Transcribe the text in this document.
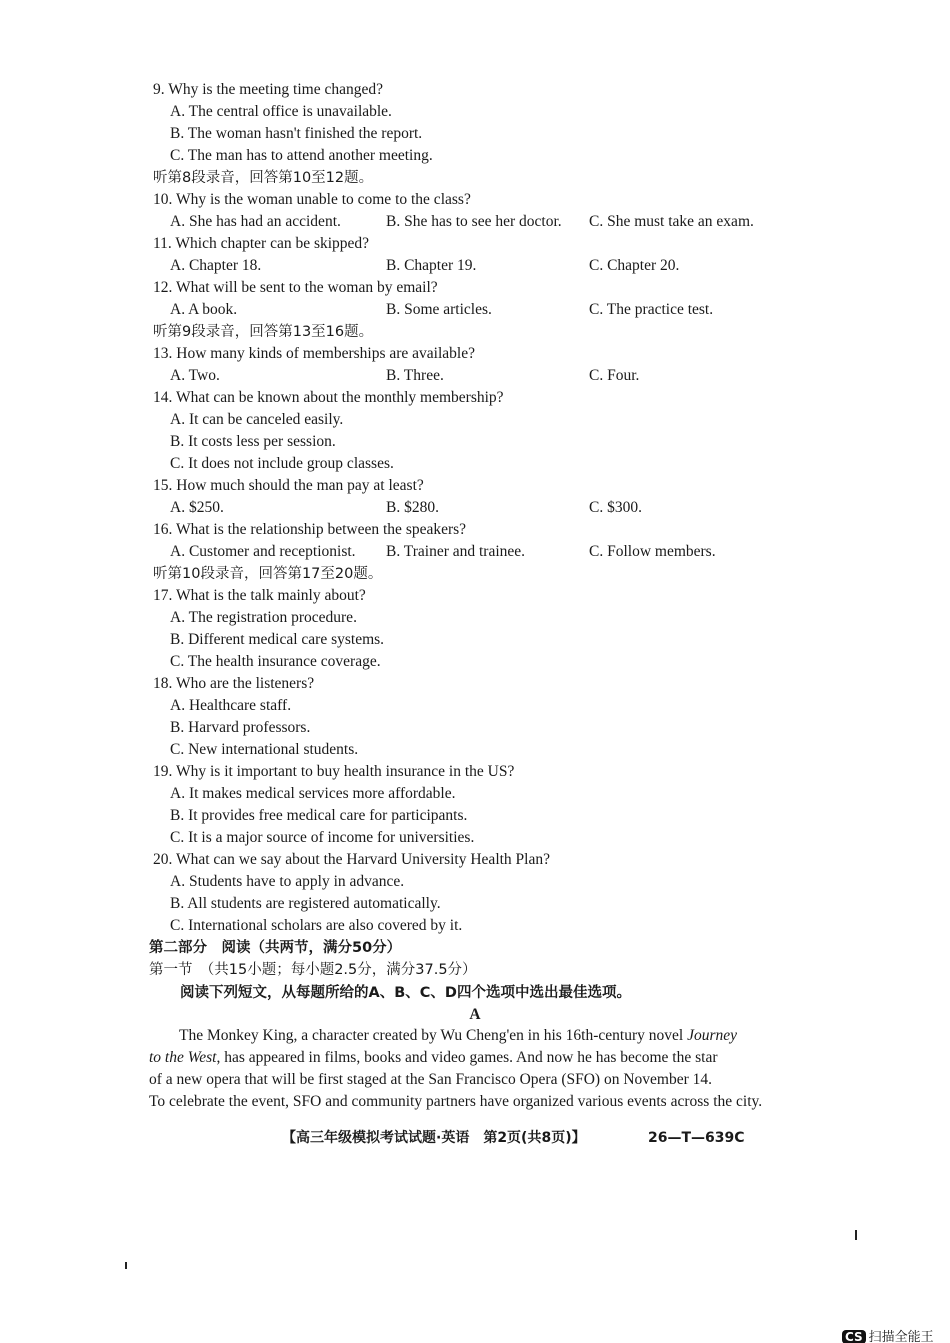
9. Why is the meeting time changed?
A. The central office is unavailable.
B. The woman hasn't finished the report.
C. The man has to attend another meeting.
听第8段录音，回答第10至12题。
10. Why is the woman unable to come to the class?
A. She has had an accident.	B. She has to see her doctor. C. She must take an exam.
11. Which chapter can be skipped?
A. Chapter 18.	B. Chapter 19.	C. Chapter 20.
12. What will be sent to the woman by email?
A. A book.	B. Some articles.	C. The practice test.
听第9段录音，回答第13至16题。
13. How many kinds of memberships are available?
A. Two.	B. Three.	C. Four.
14. What can be known about the monthly membership?
A. It can be canceled easily.
B. It costs less per session.
C. It does not include group classes.
15. How much should the man pay at least?
A. $250.	B. $280.	C. $300.
16. What is the relationship between the speakers?
A. Customer and receptionist. B. Trainer and trainee.	C. Follow members.
听第10段录音，回答第17至20题。
17. What is the talk mainly about?
A. The registration procedure.
B. Different medical care systems.
C. The health insurance coverage.
18. Who are the listeners?
A. Healthcare staff.
B. Harvard professors.
C. New international students.
19. Why is it important to buy health insurance in the US?
A. It makes medical services more affordable.
B. It provides free medical care for participants.
C. It is a major source of income for universities.
20. What can we say about the Harvard University Health Plan?
A. Students have to apply in advance.
B. All students are registered automatically.
C. International scholars are also covered by it.
第二部分　阅读（共两节，满分50分）
第一节　（共15小题；每小题2.5分，满分37.5分）
阅读下列短文，从每题所给的A、B、C、D四个选项中选出最佳选项。
A
The Monkey King, a character created by Wu Cheng'en in his 16th-century novel Journey
to the West, has appeared in films, books and video games. And now he has become the star
of a new opera that will be first staged at the San Francisco Opera (SFO) on November 14.
To celebrate the event, SFO and community partners have organized various events across the city.
【高三年级模拟考试试题·英语　第2页(共8页)】	26—T—639C
CS 扫描全能王
